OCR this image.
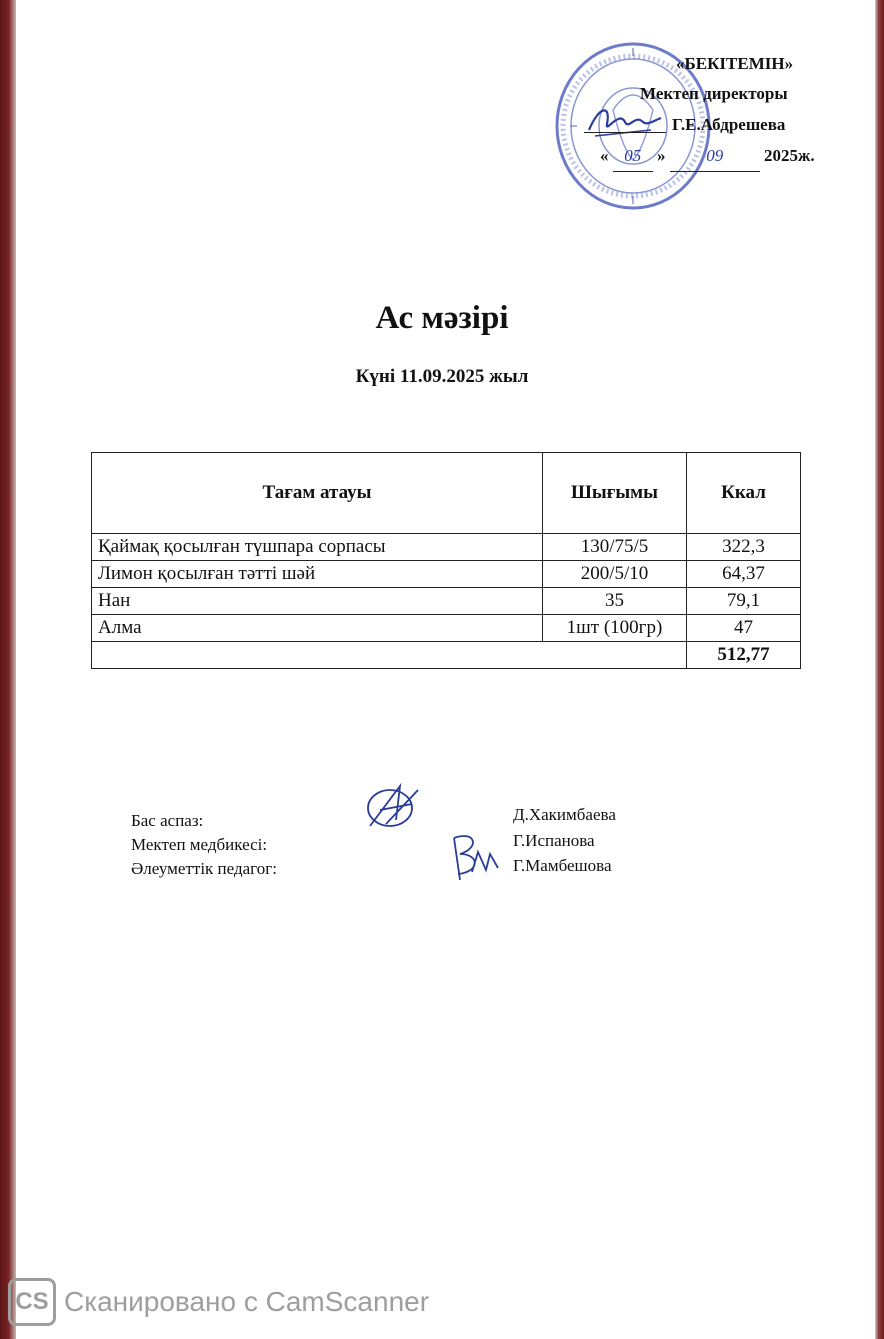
«БЕКІТЕМІН»
Мектеп директоры
Г.Е.Абдрешева
« 05 » 09 2025ж.
Ас мәзірі
Күні 11.09.2025 жыл
Тағам атауы	Шығымы	Ккал
Қаймақ қосылған түшпара сорпасы	130/75/5	322,3
Лимон қосылған тәтті шәй	200/5/10	64,37
Нан	35	79,1
Алма	1шт (100гр)	47
		512,77
Бас аспаз:	Д.Хакимбаева
Мектеп медбикесі:	Г.Испанова
Әлеуметтік педагог:	Г.Мамбешова
CS Сканировано с CamScanner
